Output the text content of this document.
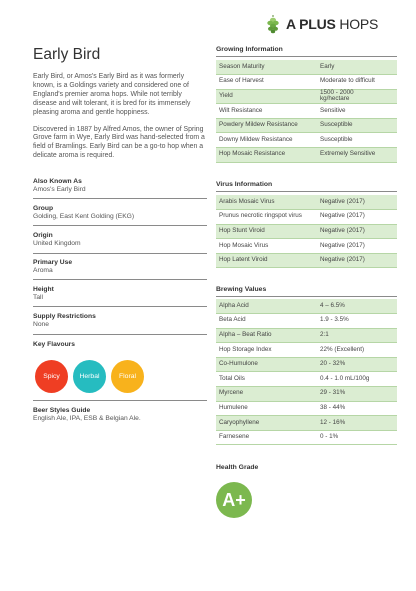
A PLUS HOPS
Early Bird

Early Bird, or Amos's Early Bird as it was formerly known, is a Goldings variety and considered one of England's premier aroma hops. While not terribly disease and wilt tolerant, it is bred for its immensely pleasing aroma and gentle hoppiness.

Discovered in 1887 by Alfred Amos, the owner of Spring Grove farm in Wye, Early Bird was hand-selected from a field of Bramlings. Early Bird can be a go-to hop when a delicate aroma is required.

Also Known As
Amos's Early Bird
Group
Golding, East Kent Golding (EKG)
Origin
United Kingdom
Primary Use
Aroma
Height
Tall
Supply Restrictions
None
Key Flavours
Spicy	Herbal	Floral
Beer Styles Guide
English Ale, IPA, ESB & Belgian Ale.
Growing Information
Season Maturity	Early
Ease of Harvest	Moderate to difficult
Yield	1500 - 2000 kg/hectare
Wilt Resistance	Sensitive
Powdery Mildew Resistance	Susceptible
Downy Mildew Resistance	Susceptible
Hop Mosaic Resistance	Extremely Sensitive
Virus Information
Arabis Mosaic Virus	Negative (2017)
Prunus necrotic ringspot virus	Negative (2017)
Hop Stunt Viroid	Negative (2017)
Hop Mosaic Virus	Negative (2017)
Hop Latent Viroid	Negative (2017)
Brewing Values
Alpha Acid	4 – 6.5%
Beta Acid	1.9 - 3.5%
Alpha – Beat Ratio	2:1
Hop Storage Index	22% (Excellent)
Co-Humulone	20 - 32%
Total Oils	0.4 - 1.0 mL/100g
Myrcene	29 - 31%
Humulene	38 - 44%
Caryophyllene	12 - 16%
Farnesene	0 - 1%
Health Grade
A+
